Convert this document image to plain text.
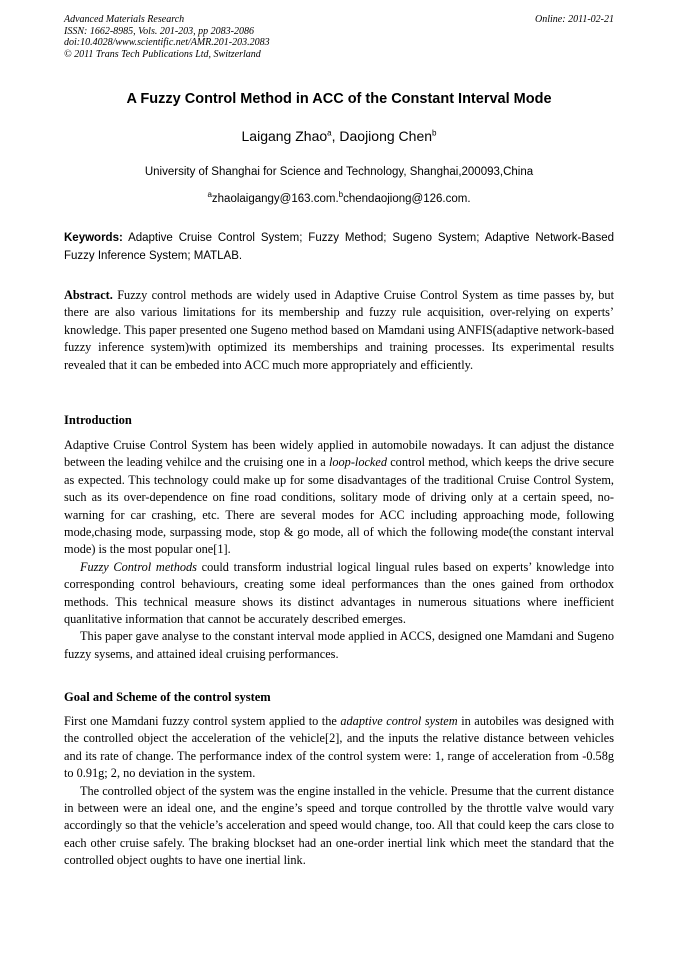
Advanced Materials Research
ISSN: 1662-8985, Vols. 201-203, pp 2083-2086
doi:10.4028/www.scientific.net/AMR.201-203.2083
© 2011 Trans Tech Publications Ltd, Switzerland
Online: 2011-02-21
A Fuzzy Control Method in ACC of the Constant Interval Mode
Laigang Zhao$^a$, Daojiong Chen$^b$
University of Shanghai for Science and Technology, Shanghai,200093,China
$^a$zhaolaigangy@163.com.$^b$chendaojiong@126.com.
Keywords: Adaptive Cruise Control System; Fuzzy Method; Sugeno System; Adaptive Network-Based Fuzzy Inference System; MATLAB.

Abstract. Fuzzy control methods are widely used in Adaptive Cruise Control System as time passes by, but there are also various limitations for its membership and fuzzy rule acquisition, over-relying on experts’ knowledge. This paper presented one Sugeno method based on Mamdani using ANFIS(adaptive network-based fuzzy inference system)with optimized its memberships and training processes. Its experimental results revealed that it can be embeded into ACC much more appropriately and efficiently.

Introduction

Adaptive Cruise Control System has been widely applied in automobile nowadays. It can adjust the distance between the leading vehilce and the cruising one in a loop-locked control method, which keeps the drive secure as expected. This technology could make up for some disadvantages of the traditional Cruise Control System, such as its over-dependence on fine road conditions, solitary mode of driving only at a certain speed, no-warning for car crashing, etc. There are several modes for ACC including approaching mode, following mode,chasing mode, surpassing mode, stop & go mode, all of which the following mode(the constant interval mode) is the most popular one[1].

Fuzzy Control methods could transform industrial logical lingual rules based on experts’ knowledge into corresponding control behaviours, creating some ideal performances than the ones gained from orthodox methods. This technical measure shows its distinct advantages in numerous situations where inefficient quanlitative information that cannot be accurately described emerges.

This paper gave analyse to the constant interval mode applied in ACCS, designed one Mamdani and Sugeno fuzzy sysems, and attained ideal cruising performances.

Goal and Scheme of the control system

First one Mamdani fuzzy control system applied to the adaptive control system in autobiles was designed with the controlled object the acceleration of the vehicle[2], and the inputs the relative distance between vehicles and its rate of change. The performance index of the control system were: 1, range of acceleration from -0.58g to 0.91g; 2, no deviation in the system.

The controlled object of the system was the engine installed in the vehicle. Presume that the current distance in between were an ideal one, and the engine’s speed and torque controlled by the throttle valve would vary accordingly so that the vehicle’s acceleration and speed would change, too. All that could keep the cars close to each other cruise safely. The braking blockset had an one-order inertial link which meet the standard that the controlled object oughts to have one inertial link.
